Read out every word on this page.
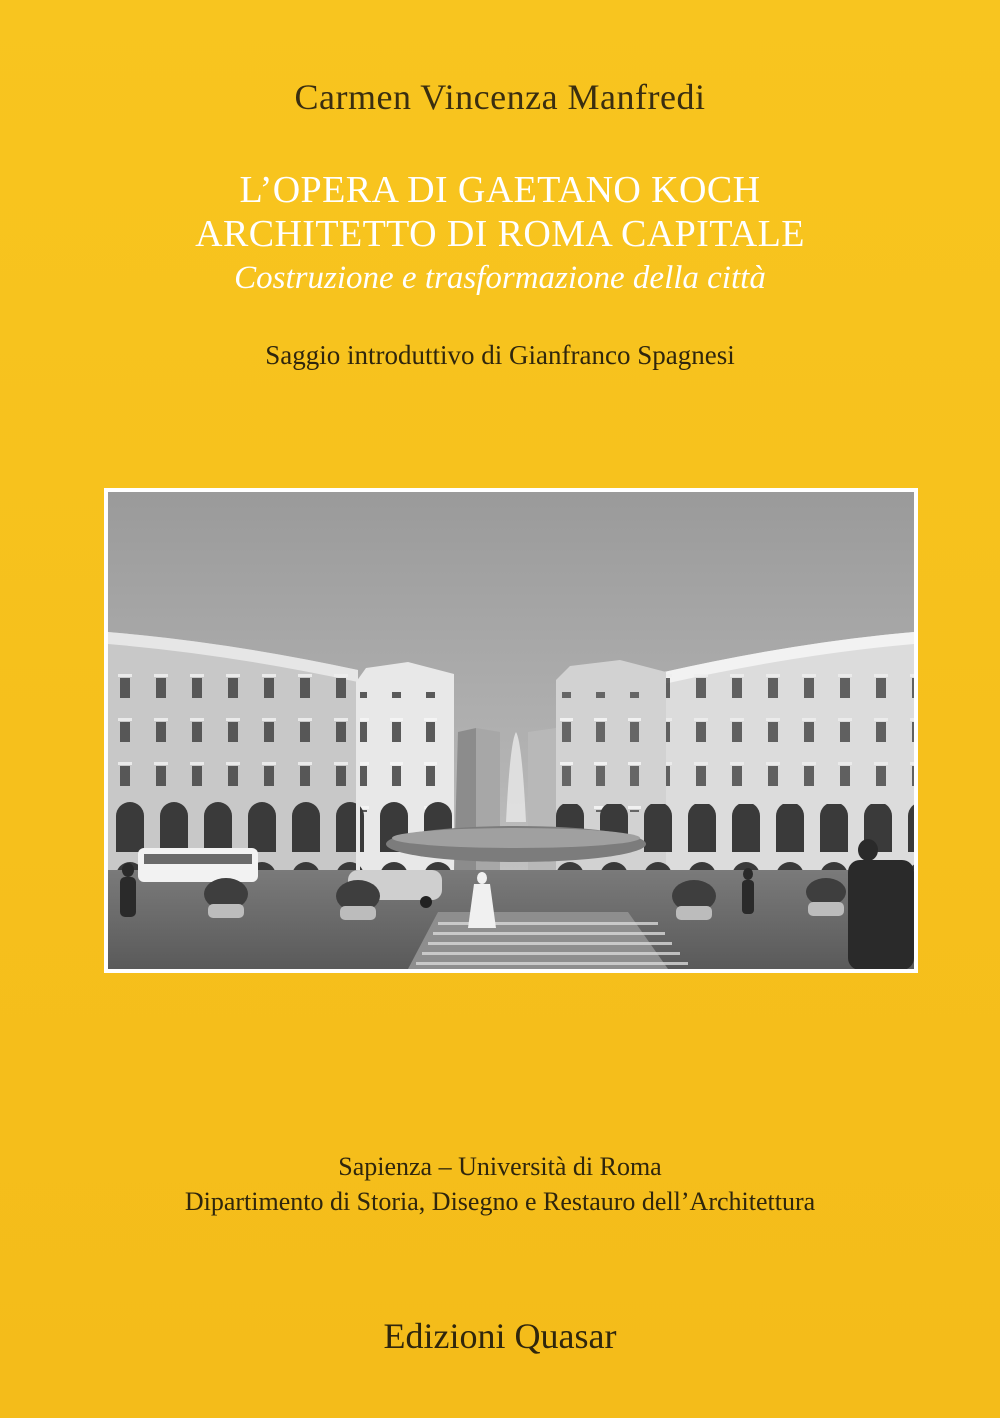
Carmen Vincenza Manfredi
L’OPERA DI GAETANO KOCH
ARCHITETTO DI ROMA CAPITALE
Costruzione e trasformazione della città
Saggio introduttivo di Gianfranco Spagnesi
Sapienza – Università di Roma
Dipartimento di Storia, Disegno e Restauro dell’Architettura
Edizioni Quasar
